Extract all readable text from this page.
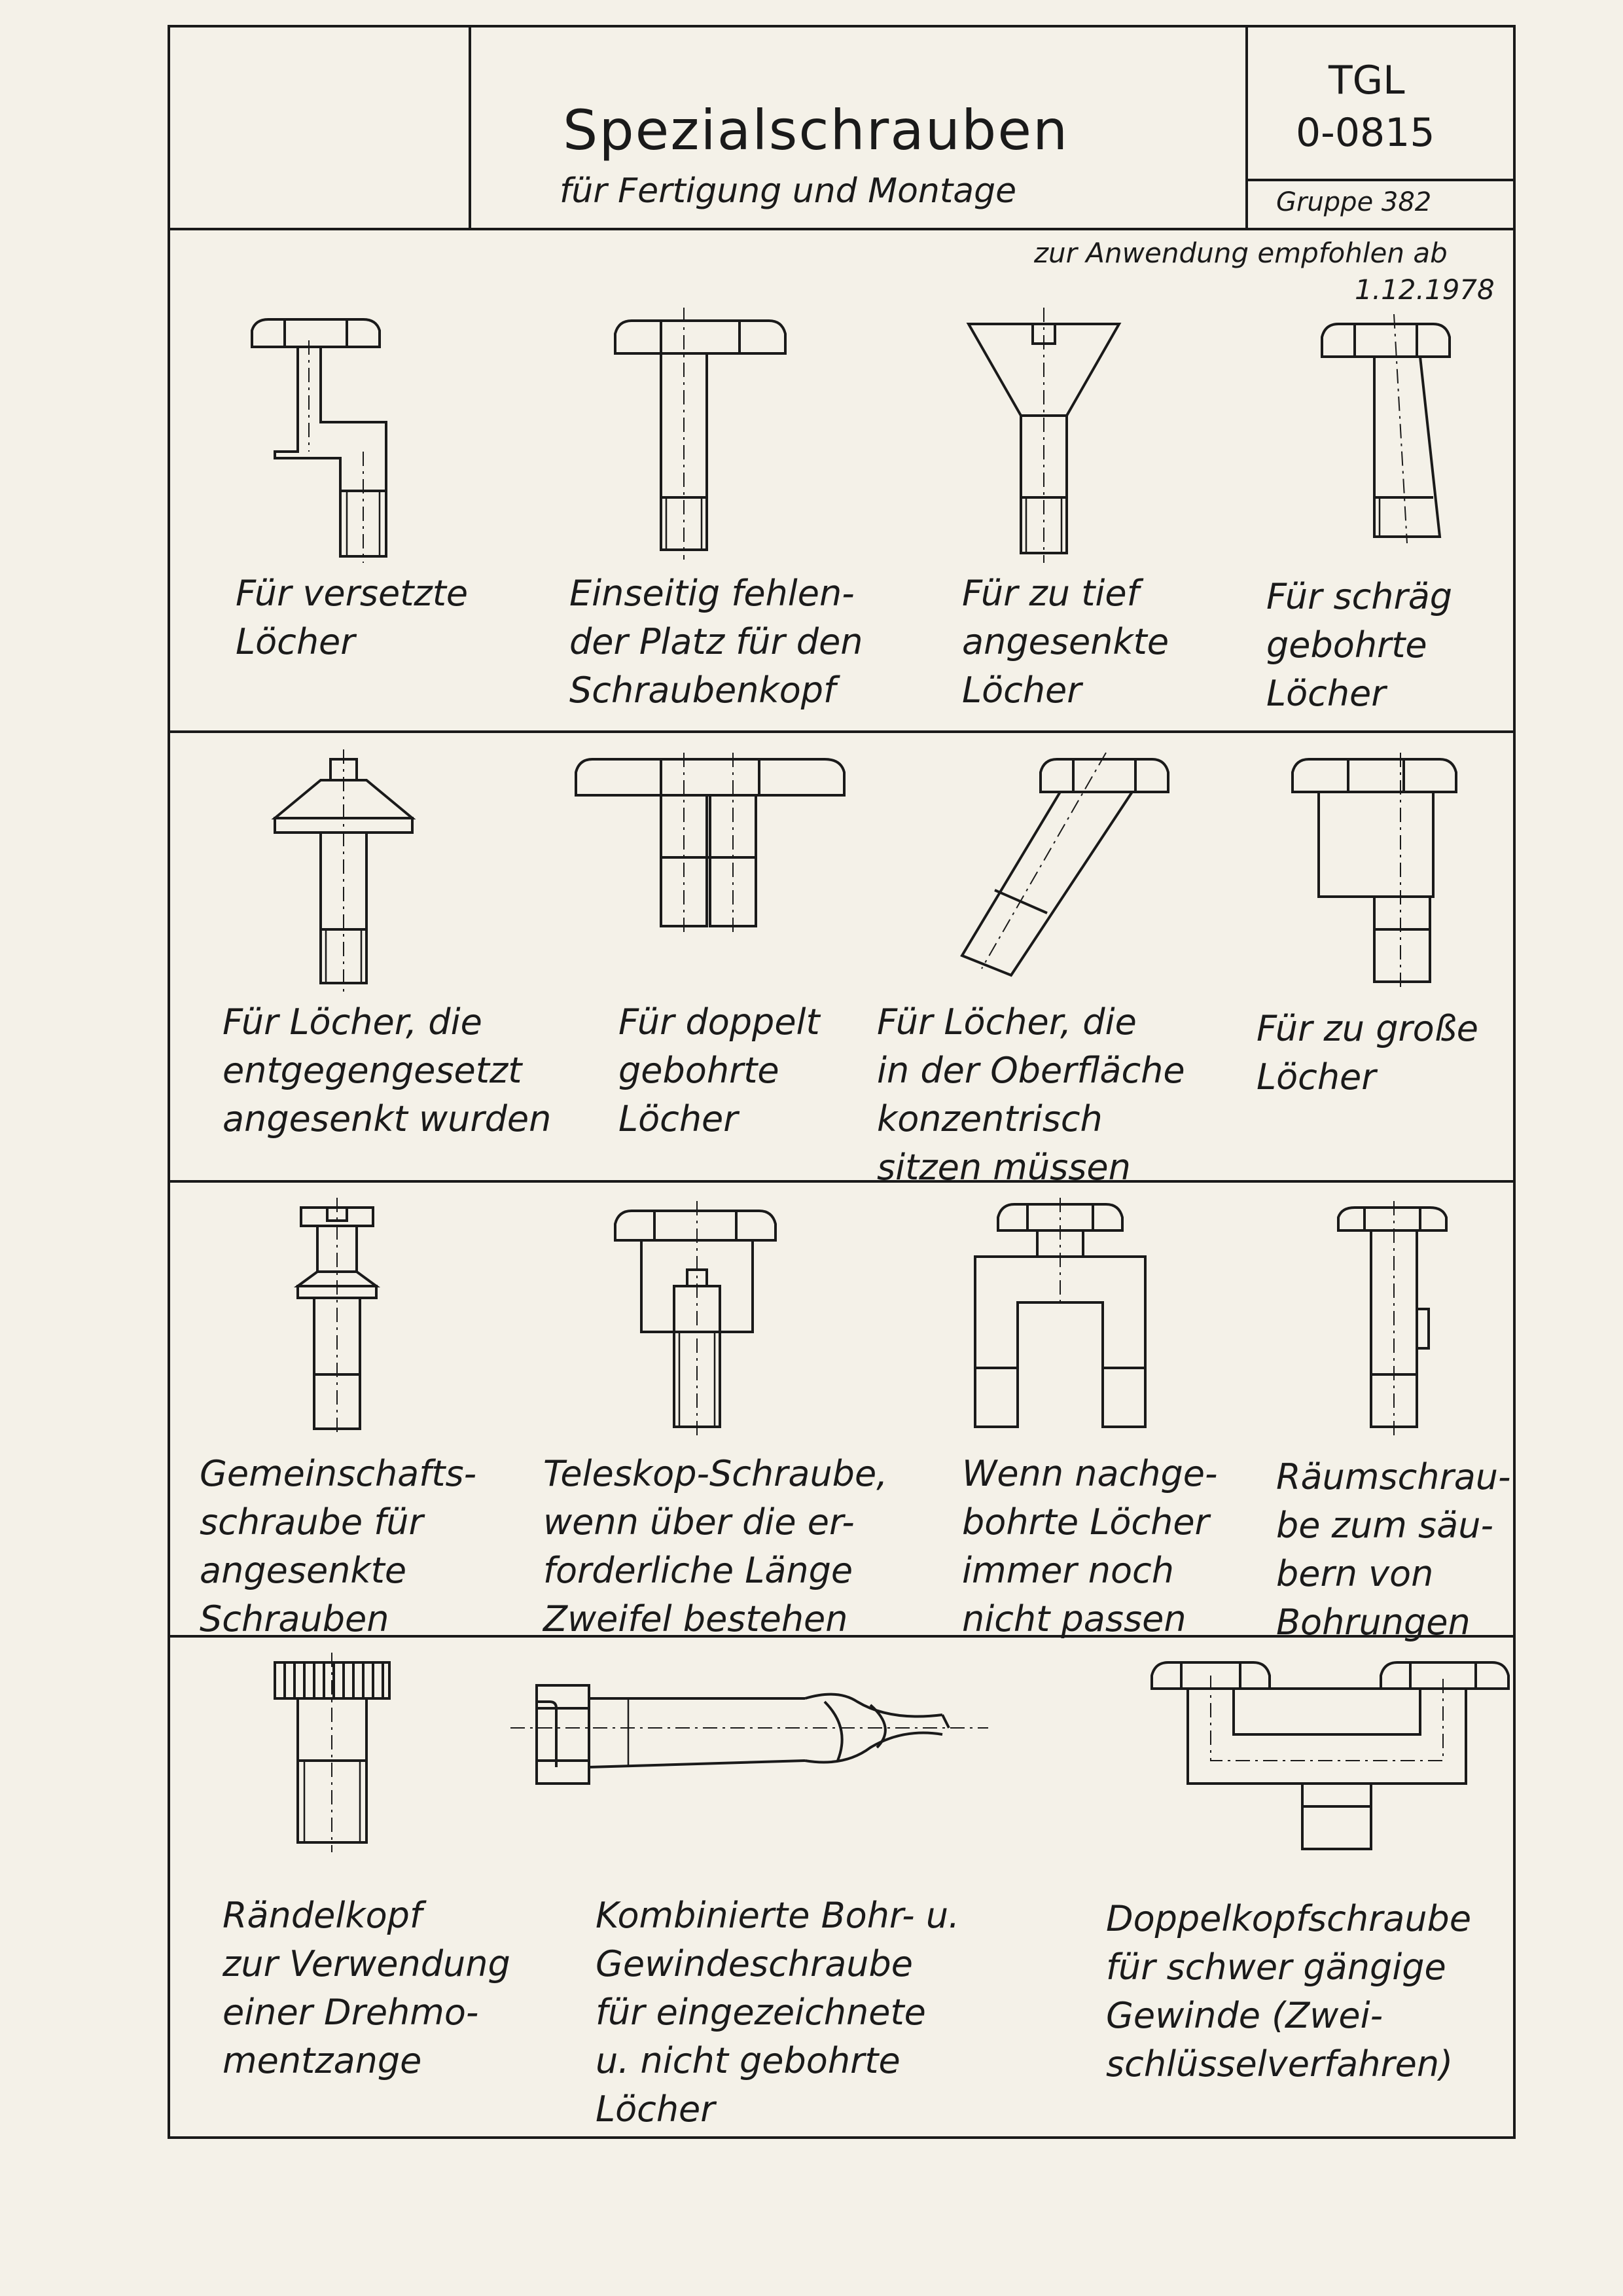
Spezialschrauben
für Fertigung und Montage
TGL
0-0815
Gruppe 382
zur Anwendung empfohlen ab
1.12.1978
Für versetzte
Löcher
Einseitig fehlen-
der Platz für den
Schraubenkopf
Für zu tief
angesenkte
Löcher
Für schräg
gebohrte
Löcher
Für Löcher, die
entgegengesetzt
angesenkt wurden
Für doppelt
gebohrte
Löcher
Für Löcher, die
in der Oberfläche
konzentrisch
sitzen müssen
Für zu große
Löcher
Gemeinschafts-
schraube für
angesenkte
Schrauben
Teleskop-Schraube,
wenn über die er-
forderliche Länge
Zweifel bestehen
Wenn nachge-
bohrte Löcher
immer noch
nicht passen
Räumschrau-
be zum säu-
bern von
Bohrungen
Rändelkopf
zur Verwendung
einer Drehmo-
mentzange
Kombinierte Bohr- u.
Gewindeschraube
für eingezeichnete
u. nicht gebohrte
Löcher
Doppelkopfschraube
für schwer gängige
Gewinde (Zwei-
schlüsselverfahren)
